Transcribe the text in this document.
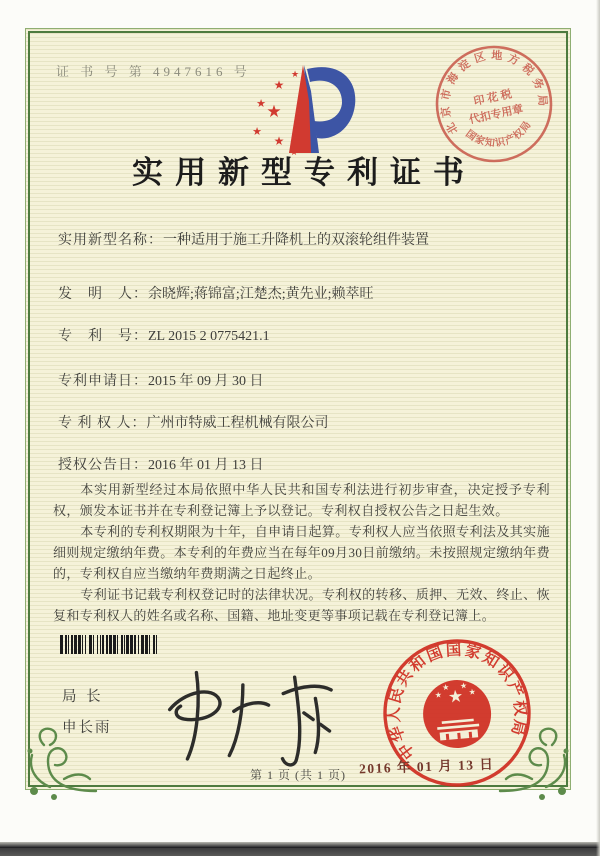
证 书 号 第 4947616 号
北京市海淀区地方税务局
国家知识产权局
印 花 税
代扣专用章
★
★
★ ★
★
★
★
实用新型专利证书
实用新型名称：一种适用于施工升降机上的双滚轮组件装置
发　明　人：余晓辉;蒋锦富;江楚杰;黄先业;赖萃旺
专　利　号：ZL 2015 2 0775421.1
专利申请日：2015 年 09 月 30 日
专 利 权 人：广州市特威工程机械有限公司
授权公告日：2016 年 01 月 13 日

本实用新型经过本局依照中华人民共和国专利法进行初步审查，决定授予专利权，颁发本证书并在专利登记簿上予以登记。专利权自授权公告之日起生效。

本专利的专利权期限为十年，自申请日起算。专利权人应当依照专利法及其实施细则规定缴纳年费。本专利的年费应当在每年09月30日前缴纳。未按照规定缴纳年费的，专利权自应当缴纳年费期满之日起终止。

专利证书记载专利权登记时的法律状况。专利权的转移、质押、无效、终止、恢复和专利权人的姓名或名称、国籍、地址变更等事项记载在专利登记簿上。

局 长
申长雨
中华人民共和国国家知识产权局
★
★
★ ★
★
2016 年 01 月 13 日
第 1 页 (共 1 页)
